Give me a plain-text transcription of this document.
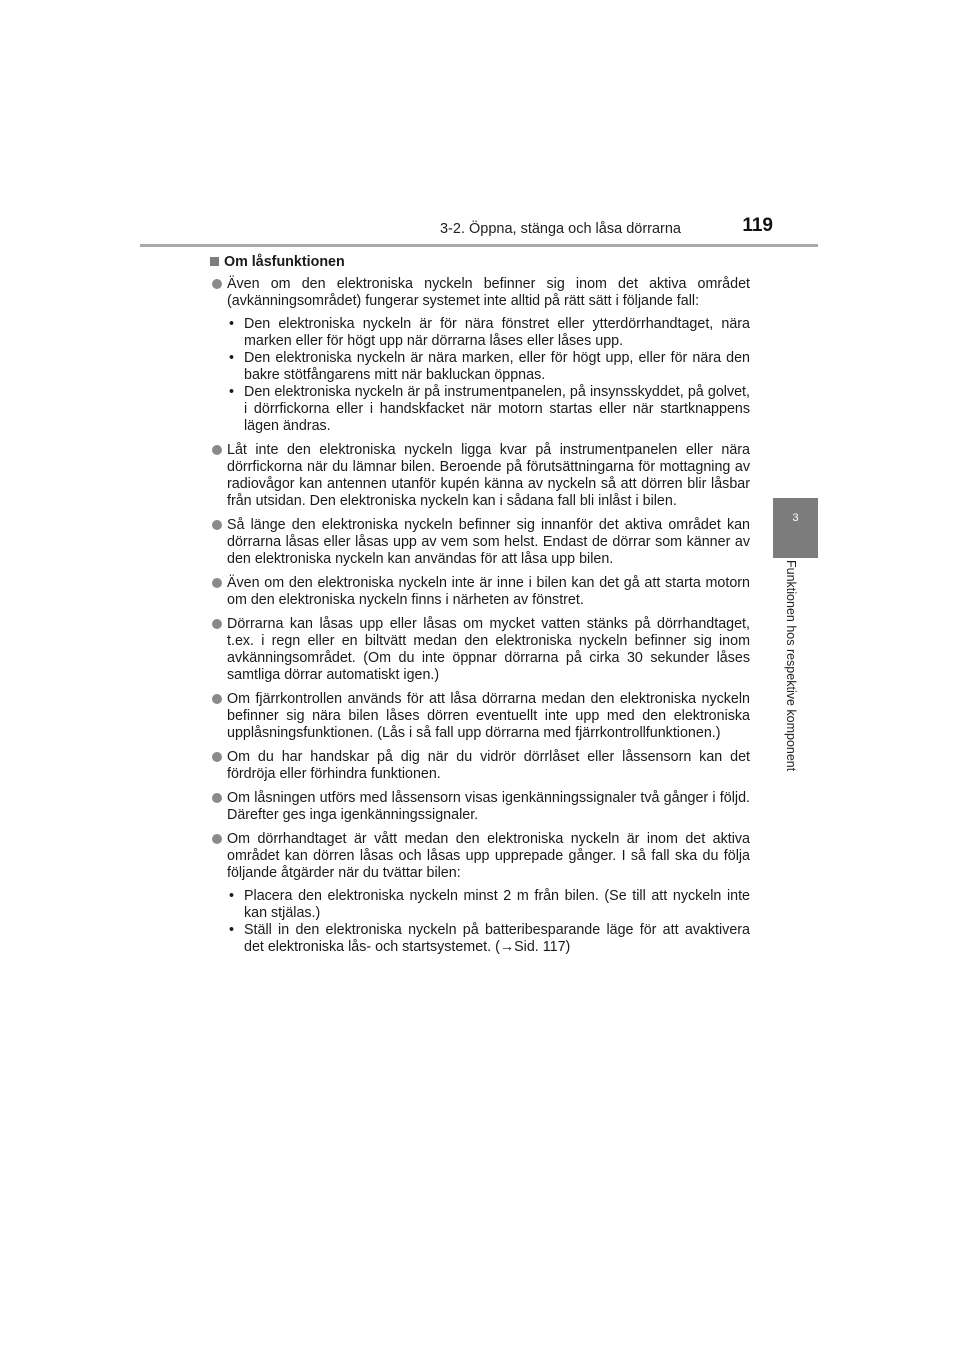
3-2. Öppna, stänga och låsa dörrarna	119
3
Funktionen hos respektive komponent
Om låsfunktionen

Även om den elektroniska nyckeln befinner sig inom det aktiva området (avkänningsområdet) fungerar systemet inte alltid på rätt sätt i följande fall:

• Den elektroniska nyckeln är för nära fönstret eller ytterdörrhandtaget, nära marken eller för högt upp när dörrarna låses eller låses upp.
• Den elektroniska nyckeln är nära marken, eller för högt upp, eller för nära den bakre stötfångarens mitt när bakluckan öppnas.
• Den elektroniska nyckeln är på instrumentpanelen, på insynsskyddet, på golvet, i dörrfickorna eller i handskfacket när motorn startas eller när startknappens lägen ändras.

Låt inte den elektroniska nyckeln ligga kvar på instrumentpanelen eller nära dörrfickorna när du lämnar bilen. Beroende på förutsättningarna för mottagning av radiovågor kan antennen utanför kupén känna av nyckeln så att dörren blir låsbar från utsidan. Den elektroniska nyckeln kan i sådana fall bli inlåst i bilen.

Så länge den elektroniska nyckeln befinner sig innanför det aktiva området kan dörrarna låsas eller låsas upp av vem som helst. Endast de dörrar som känner av den elektroniska nyckeln kan användas för att låsa upp bilen.

Även om den elektroniska nyckeln inte är inne i bilen kan det gå att starta motorn om den elektroniska nyckeln finns i närheten av fönstret.

Dörrarna kan låsas upp eller låsas om mycket vatten stänks på dörrhandtaget, t.ex. i regn eller en biltvätt medan den elektroniska nyckeln befinner sig inom avkänningsområdet. (Om du inte öppnar dörrarna på cirka 30 sekunder låses samtliga dörrar automatiskt igen.)

Om fjärrkontrollen används för att låsa dörrarna medan den elektroniska nyckeln befinner sig nära bilen låses dörren eventuellt inte upp med den elektroniska upplåsningsfunktionen. (Lås i så fall upp dörrarna med fjärrkontrollfunktionen.)

Om du har handskar på dig när du vidrör dörrlåset eller låssensorn kan det fördröja eller förhindra funktionen.

Om låsningen utförs med låssensorn visas igenkänningssignaler två gånger i följd. Därefter ges inga igenkänningssignaler.

Om dörrhandtaget är vått medan den elektroniska nyckeln är inom det aktiva området kan dörren låsas och låsas upp upprepade gånger. I så fall ska du följa följande åtgärder när du tvättar bilen:

• Placera den elektroniska nyckeln minst 2 m från bilen. (Se till att nyckeln inte kan stjälas.)
• Ställ in den elektroniska nyckeln på batteribesparande läge för att avaktivera det elektroniska lås- och startsystemet. (→Sid. 117)
